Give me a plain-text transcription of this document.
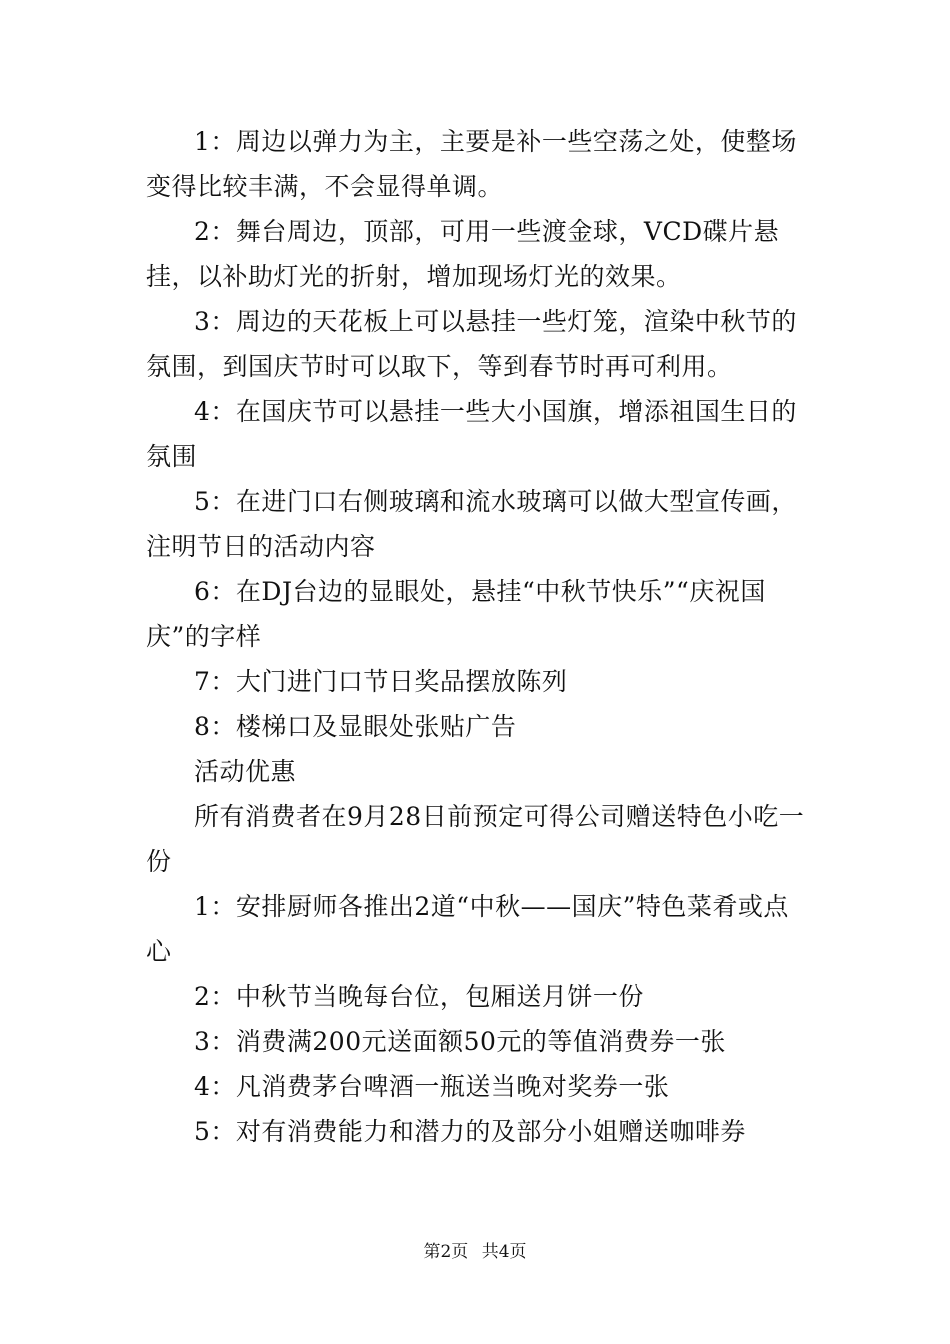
1：周边以弹力为主，主要是补一些空荡之处，使整场变得比较丰满，不会显得单调。

2：舞台周边，顶部，可用一些渡金球，VCD碟片悬挂，以补助灯光的折射，增加现场灯光的效果。

3：周边的天花板上可以悬挂一些灯笼，渲染中秋节的氛围，到国庆节时可以取下，等到春节时再可利用。

4：在国庆节可以悬挂一些大小国旗，增添祖国生日的氛围

5：在进门口右侧玻璃和流水玻璃可以做大型宣传画，注明节日的活动内容

6：在DJ台边的显眼处，悬挂“中秋节快乐”“庆祝国庆”的字样

7：大门进门口节日奖品摆放陈列

8：楼梯口及显眼处张贴广告

活动优惠

所有消费者在9月28日前预定可得公司赠送特色小吃一份

1：安排厨师各推出2道“中秋——国庆”特色菜肴或点心

2：中秋节当晚每台位，包厢送月饼一份

3：消费满200元送面额50元的等值消费券一张

4：凡消费茅台啤酒一瓶送当晚对奖券一张

5：对有消费能力和潜力的及部分小姐赠送咖啡券

第2页 共4页
